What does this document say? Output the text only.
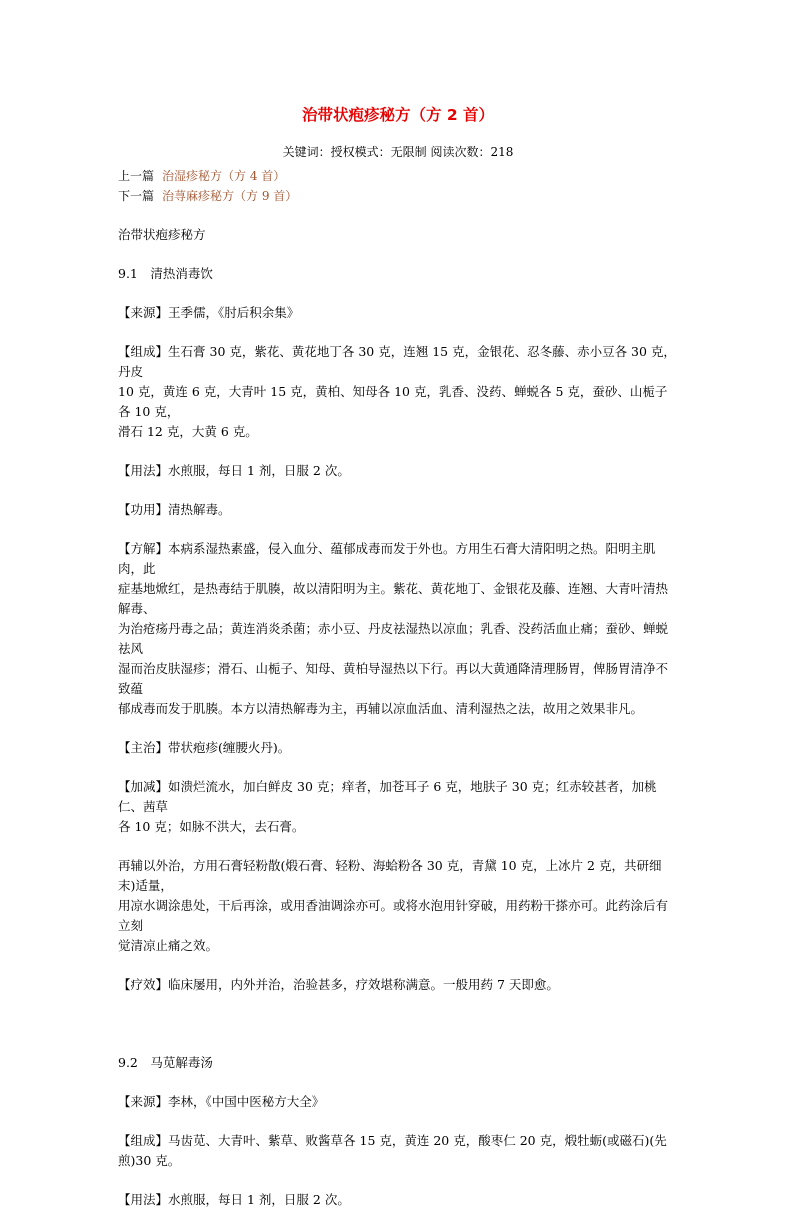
治带状疱疹秘方（方 2 首）
关键词：授权模式：无限制 阅读次数：218
上一篇 治湿疹秘方（方 4 首）
下一篇 治荨麻疹秘方（方 9 首）

治带状疱疹秘方

9.1　清热消毒饮

【来源】王季儒，《肘后积余集》

【组成】生石膏 30 克，紫花、黄花地丁各 30 克，连翘 15 克，金银花、忍冬藤、赤小豆各 30 克，丹皮

10 克，黄连 6 克，大青叶 15 克，黄柏、知母各 10 克，乳香、没药、蝉蜕各 5 克，蚕砂、山栀子各 10 克，

滑石 12 克，大黄 6 克。

【用法】水煎服，每日 1 剂，日服 2 次。

【功用】清热解毒。

【方解】本病系湿热素盛，侵入血分、蕴郁成毒而发于外也。方用生石膏大清阳明之热。阳明主肌肉，此

症基地焮红，是热毒结于肌腠，故以清阳明为主。紫花、黄花地丁、金银花及藤、连翘、大青叶清热解毒、

为治疮疡丹毒之品；黄连消炎杀菌；赤小豆、丹皮祛湿热以凉血；乳香、没药活血止痛；蚕砂、蝉蜕祛风

湿而治皮肤湿疹；滑石、山栀子、知母、黄柏导湿热以下行。再以大黄通降清理肠胃，俾肠胃清净不致蕴

郁成毒而发于肌腠。本方以清热解毒为主，再辅以凉血活血、清利湿热之法，故用之效果非凡。

【主治】带状疱疹(缠腰火丹)。

【加减】如溃烂流水，加白鲜皮 30 克；痒者，加苍耳子 6 克，地肤子 30 克；红赤较甚者，加桃仁、茜草

各 10 克；如脉不洪大，去石膏。

再辅以外治，方用石膏轻粉散(煅石膏、轻粉、海蛤粉各 30 克，青黛 10 克，上冰片 2 克，共研细末)适量，

用凉水调涂患处，干后再涂，或用香油调涂亦可。或将水泡用针穿破，用药粉干搽亦可。此药涂后有立刻

觉清凉止痛之效。

【疗效】临床屡用，内外并治，治验甚多，疗效堪称满意。一般用药 7 天即愈。

9.2　马苋解毒汤

【来源】李林，《中国中医秘方大全》

【组成】马齿苋、大青叶、紫草、败酱草各 15 克，黄连 20 克，酸枣仁 20 克，煅牡蛎(或磁石)(先煎)30 克。

【用法】水煎服，每日 1 剂，日服 2 次。
